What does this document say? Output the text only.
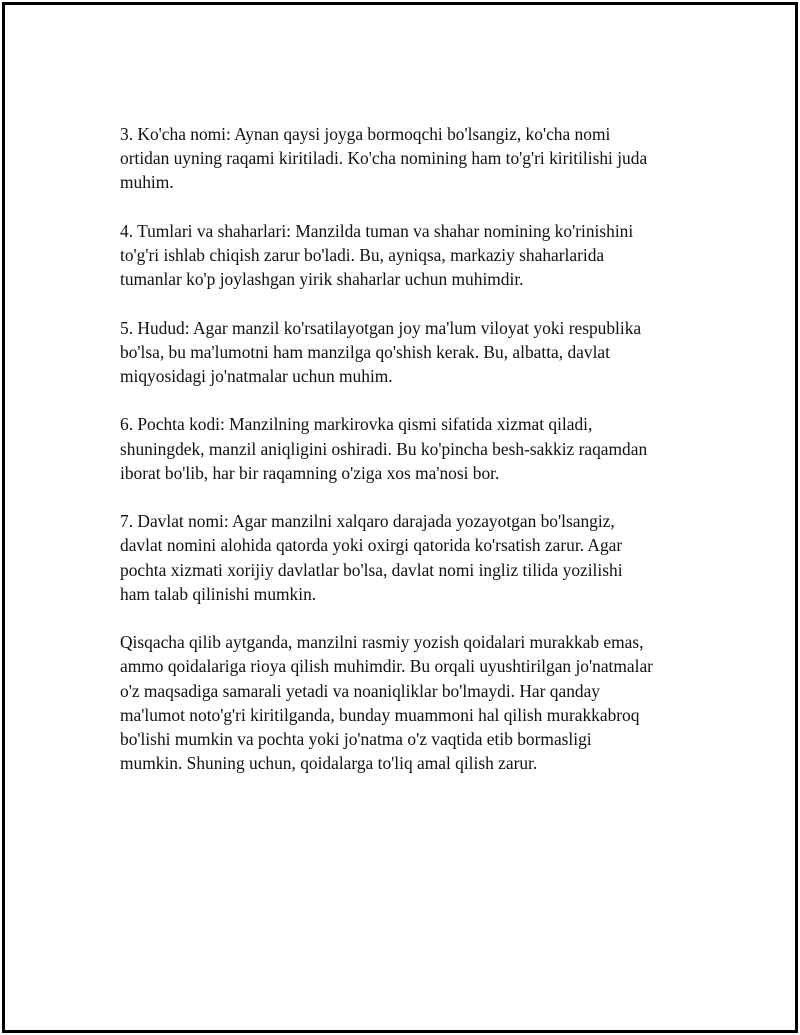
3. Ko'cha nomi: Aynan qaysi joyga bormoqchi bo'lsangiz, ko'cha nomi
ortidan uyning raqami kiritiladi. Ko'cha nomining ham to'g'ri kiritilishi juda
muhim.

4. Tumlari va shaharlari: Manzilda tuman va shahar nomining ko'rinishini
to'g'ri ishlab chiqish zarur bo'ladi. Bu, ayniqsa, markaziy shaharlarida
tumanlar ko'p joylashgan yirik shaharlar uchun muhimdir.

5. Hudud: Agar manzil ko'rsatilayotgan joy ma'lum viloyat yoki respublika
bo'lsa, bu ma'lumotni ham manzilga qo'shish kerak. Bu, albatta, davlat
miqyosidagi jo'natmalar uchun muhim.

6. Pochta kodi: Manzilning markirovka qismi sifatida xizmat qiladi,
shuningdek, manzil aniqligini oshiradi. Bu ko'pincha besh-sakkiz raqamdan
iborat bo'lib, har bir raqamning o'ziga xos ma'nosi bor.

7. Davlat nomi: Agar manzilni xalqaro darajada yozayotgan bo'lsangiz,
davlat nomini alohida qatorda yoki oxirgi qatorida ko'rsatish zarur. Agar
pochta xizmati xorijiy davlatlar bo'lsa, davlat nomi ingliz tilida yozilishi
ham talab qilinishi mumkin.

Qisqacha qilib aytganda, manzilni rasmiy yozish qoidalari murakkab emas,
ammo qoidalariga rioya qilish muhimdir. Bu orqali uyushtirilgan jo'natmalar
o'z maqsadiga samarali yetadi va noaniqliklar bo'lmaydi. Har qanday
ma'lumot noto'g'ri kiritilganda, bunday muammoni hal qilish murakkabroq
bo'lishi mumkin va pochta yoki jo'natma o'z vaqtida etib bormasligi
mumkin. Shuning uchun, qoidalarga to'liq amal qilish zarur.
